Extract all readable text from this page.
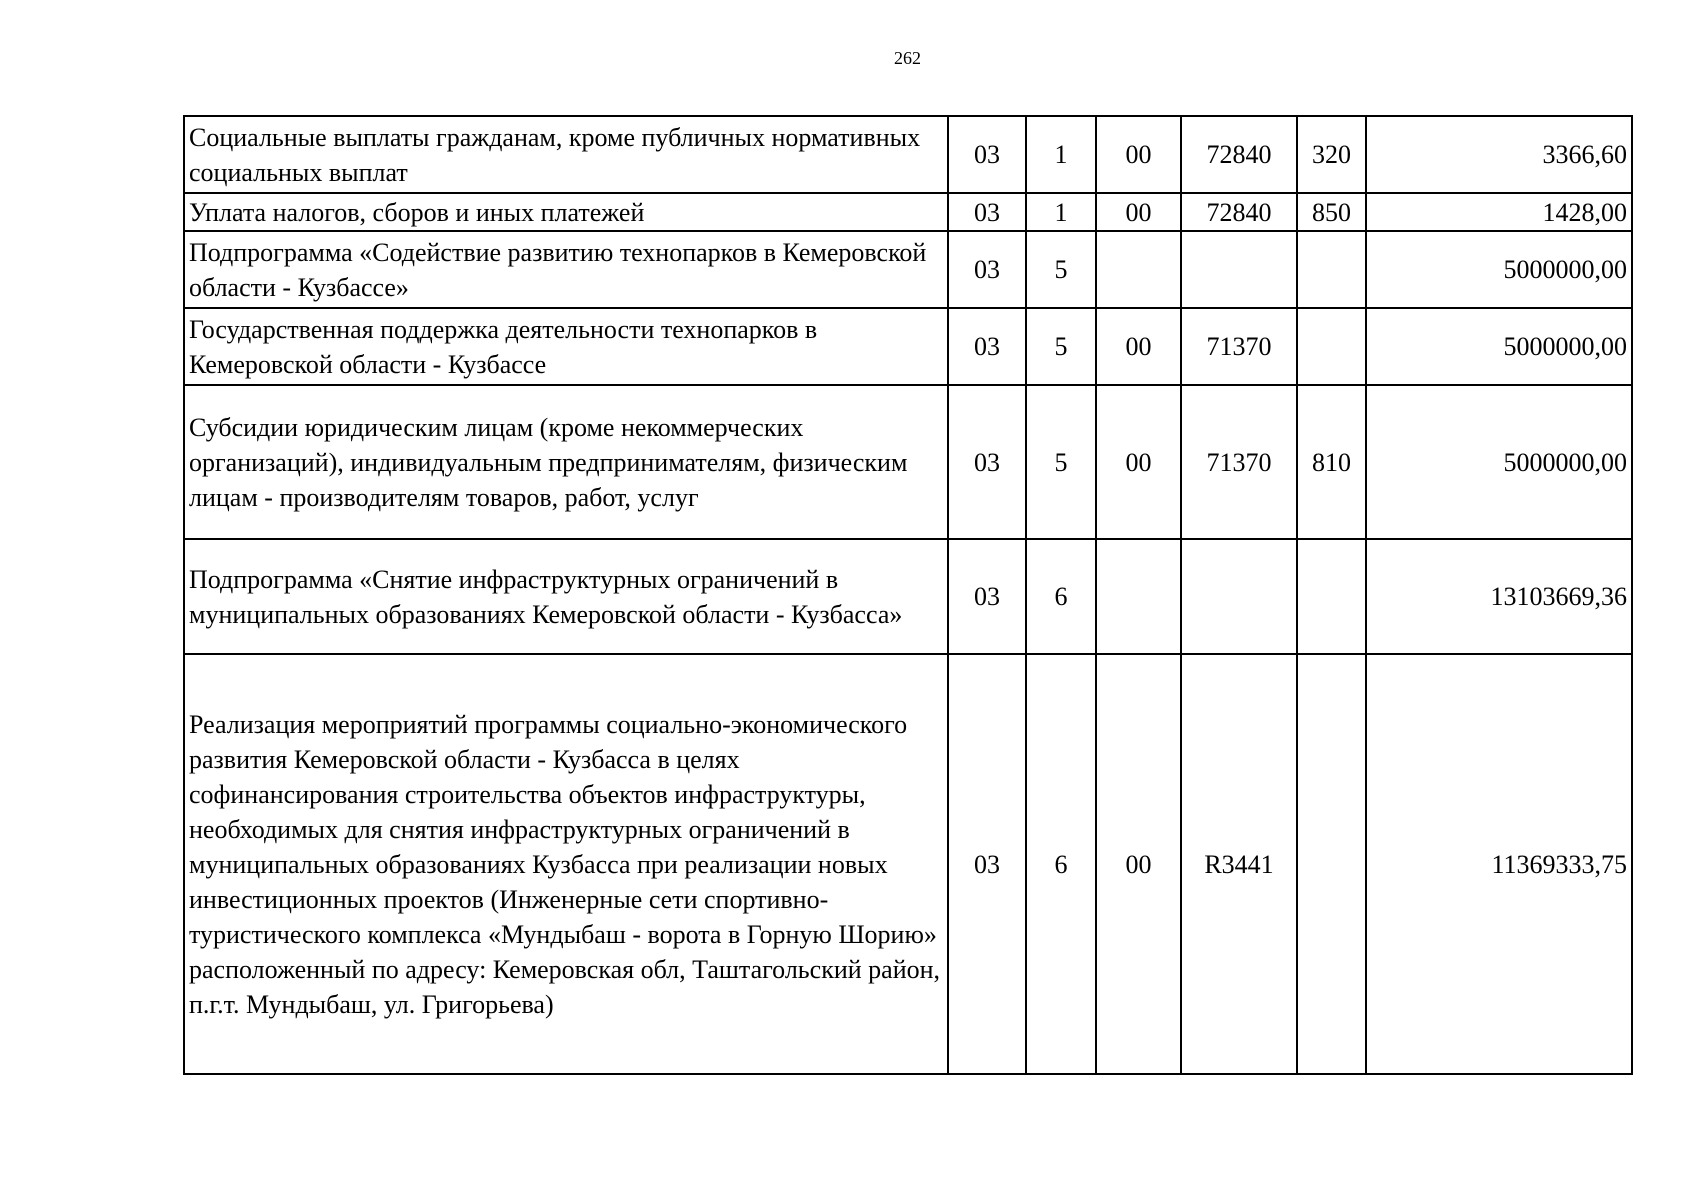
262
Социальные выплаты гражданам, кроме публичных нормативных социальных выплат	03	1	00	72840	320	3366,60

Уплата налогов, сборов и иных платежей	03	1	00	72840	850	1428,00

Подпрограмма «Содействие развитию технопарков в Кемеровской области - Кузбассе»	03	5				5000000,00

Государственная поддержка деятельности технопарков в Кемеровской области - Кузбассе	03	5	00	71370		5000000,00

Субсидии юридическим лицам (кроме некоммерческих организаций), индивидуальным предпринимателям, физическим лицам - производителям товаров, работ, услуг	03	5	00	71370	810	5000000,00

Подпрограмма «Снятие инфраструктурных ограничений в муниципальных образованиях Кемеровской области - Кузбасса»	03	6				13103669,36

Реализация мероприятий программы социально-экономического развития Кемеровской области - Кузбасса в целях софинансирования строительства объектов инфраструктуры, необходимых для снятия инфраструктурных ограничений в муниципальных образованиях Кузбасса при реализации новых инвестиционных проектов (Инженерные сети спортивно-туристического комплекса «Мундыбаш - ворота в Горную Шорию» расположенный по адресу: Кемеровская обл, Таштагольский район, п.г.т. Мундыбаш, ул. Григорьева)	03	6	00	R3441		11369333,75
